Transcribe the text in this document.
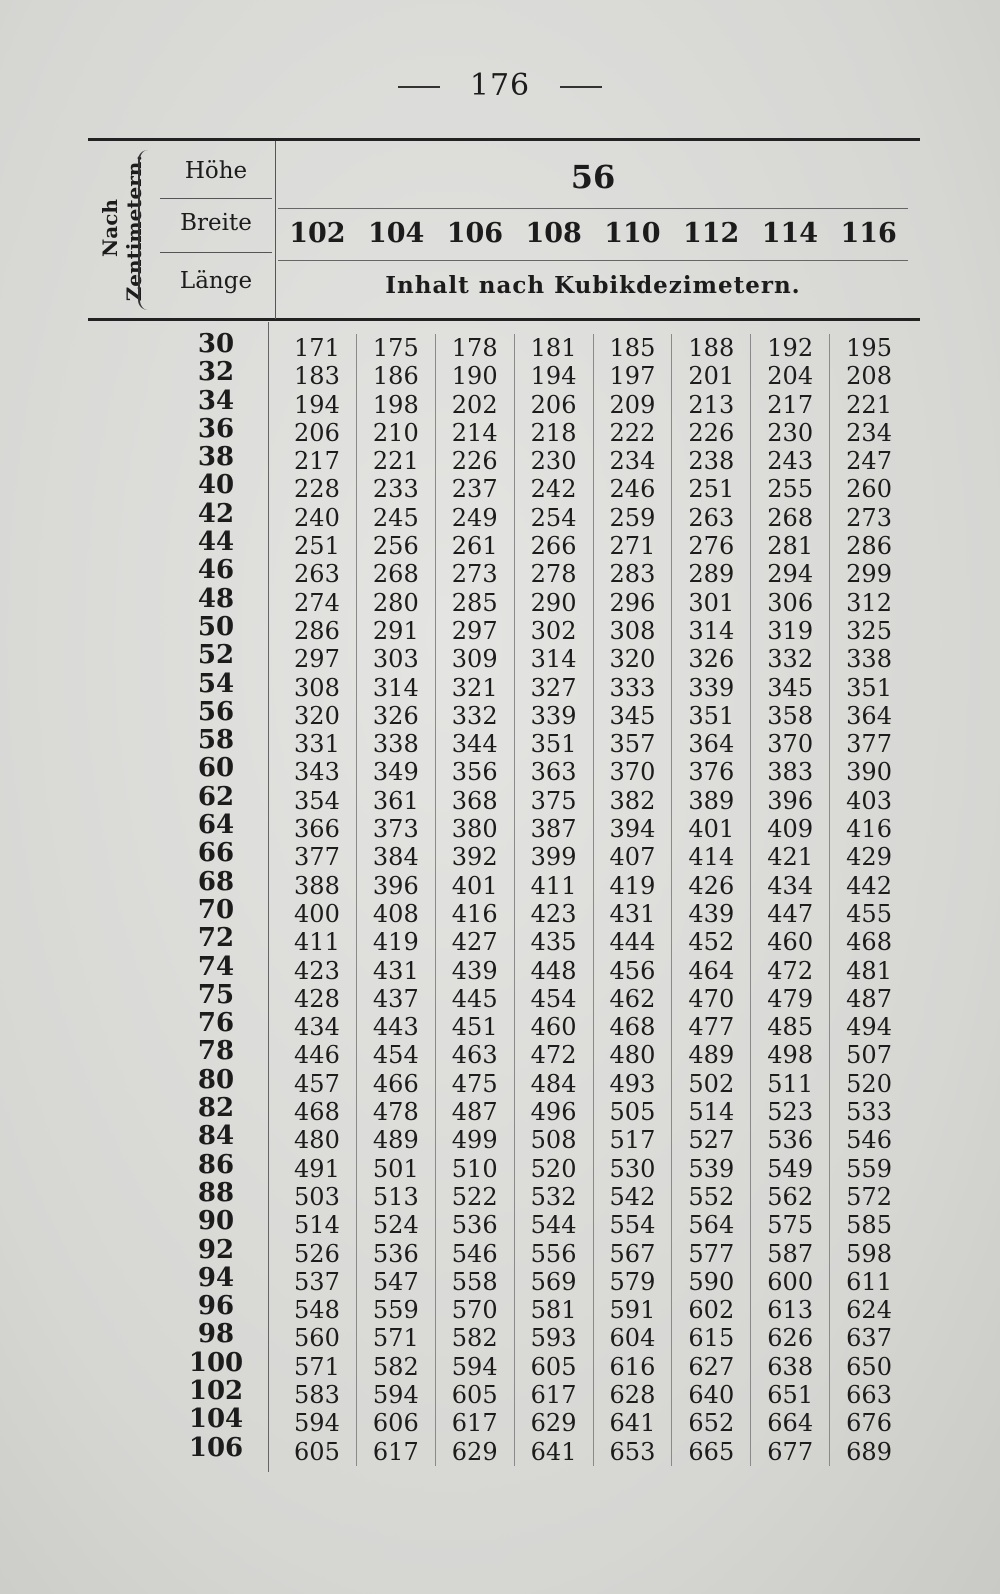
176
Nach Zentimetern.	Höhe
Breite
Länge
56
102 104 106 108 110 112 114 116
Inhalt nach Kubikdezimetern.
30
32
34
36
38
40
42
44
46
48
50
52
54
56
58
60
62
64
66
68
70
72
74
75
76
78
80
82
84
86
88
90
92
94
96
98
100
102
104
106
171
183
194
206
217
228
240
251
263
274
286
297
308
320
331
343
354
366
377
388
400
411
423
428
434
446
457
468
480
491
503
514
526
537
548
560
571
583
594
605
175
186
198
210
221
233
245
256
268
280
291
303
314
326
338
349
361
373
384
396
408
419
431
437
443
454
466
478
489
501
513
524
536
547
559
571
582
594
606
617
178
190
202
214
226
237
249
261
273
285
297
309
321
332
344
356
368
380
392
401
416
427
439
445
451
463
475
487
499
510
522
536
546
558
570
582
594
605
617
629
181
194
206
218
230
242
254
266
278
290
302
314
327
339
351
363
375
387
399
411
423
435
448
454
460
472
484
496
508
520
532
544
556
569
581
593
605
617
629
641
185
197
209
222
234
246
259
271
283
296
308
320
333
345
357
370
382
394
407
419
431
444
456
462
468
480
493
505
517
530
542
554
567
579
591
604
616
628
641
653
188
201
213
226
238
251
263
276
289
301
314
326
339
351
364
376
389
401
414
426
439
452
464
470
477
489
502
514
527
539
552
564
577
590
602
615
627
640
652
665
192
204
217
230
243
255
268
281
294
306
319
332
345
358
370
383
396
409
421
434
447
460
472
479
485
498
511
523
536
549
562
575
587
600
613
626
638
651
664
677
195
208
221
234
247
260
273
286
299
312
325
338
351
364
377
390
403
416
429
442
455
468
481
487
494
507
520
533
546
559
572
585
598
611
624
637
650
663
676
689
